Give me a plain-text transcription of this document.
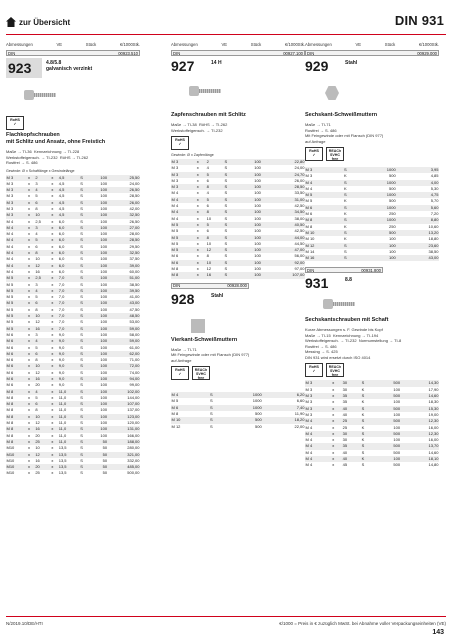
zur Übersicht	DIN 931
Abmessungen	VE	Stück	€/1000Stk.
DIN	00923.510
923	4.8/5.8
galvanisch verzinkt
RoHS
✓
Flachkopfschrauben
mit Schlitz und Ansatz, ohne Freistich
Maße → TI-36 Kennzeichnung → TI-228
Werkstoffeigensch. → TI-232 RöHS → TI-262
Rostfrei → S. 486
Gewinde: Ø x Schaftlänge x Gewindelänge
M 3	x	2	x	4,5	S	100	25,50
M 3	x	3	x	4,5	S	100	24,00
M 3	x	4	x	4,5	S	100	26,50
M 3	x	5	x	4,5	S	100	28,50
M 3	x	6	x	4,5	S	100	26,00
M 3	x	8	x	4,5	S	100	42,00
M 3	x	10	x	4,5	S	100	32,50
M 4	x	2,5	x	6,0	S	100	26,50
M 4	x	3	x	6,0	S	100	27,00
M 4	x	4	x	6,0	S	100	28,00
M 4	x	5	x	6,0	S	100	28,50
M 4	x	6	x	6,0	S	100	29,50
M 4	x	8	x	6,0	S	100	32,50
M 4	x	10	x	6,0	S	100	37,50
M 4	x	12	x	6,0	S	100	39,00
M 4	x	16	x	6,0	S	100	60,00
M 5	x	2,5	x	7,0	S	100	51,00
M 5	x	3	x	7,0	S	100	38,50
M 5	x	4	x	7,0	S	100	39,50
M 5	x	5	x	7,0	S	100	41,00
M 5	x	6	x	7,0	S	100	43,00
M 5	x	8	x	7,0	S	100	47,50
M 5	x	10	x	7,0	S	100	48,50
M 5	x	12	x	7,0	S	100	53,00
M 5	x	16	x	7,0	S	100	59,00
M 6	x	3	x	9,0	S	100	58,00
M 6	x	4	x	9,0	S	100	59,00
M 6	x	5	x	9,0	S	100	61,00
M 6	x	6	x	9,0	S	100	62,00
M 6	x	8	x	9,0	S	100	71,00
M 6	x	10	x	9,0	S	100	72,00
M 6	x	12	x	9,0	S	100	74,00
M 6	x	16	x	9,0	S	100	94,00
M 6	x	20	x	9,0	S	100	99,00
M 8	x	4	x	11,0	S	100	102,00
M 8	x	5	x	11,0	S	100	144,00
M 8	x	6	x	11,0	S	100	107,00
M 8	x	8	x	11,0	S	100	137,00
M 8	x	10	x	11,0	S	100	123,00
M 8	x	12	x	11,0	S	100	120,00
M 8	x	16	x	11,0	S	100	131,00
M 8	x	20	x	11,0	S	100	166,00
M 8	x	25	x	11,0	S	50	188,00
M10	x	10	x	13,5	S	50	280,00
M10	x	12	x	13,5	S	50	321,00
M10	x	16	x	13,5	S	50	332,00
M10	x	20	x	13,5	S	50	485,00
M10	x	25	x	13,5	S	50	500,00
Abmessungen	VE	Stück	€/1000Stk.
DIN	00927.100
927	14 H
Zapfenschrauben mit Schlitz
Maße → TI-38 RöHS → TI-262
Werkstoffeigensch. → TI-232
RoHS
✓
Gewinde: Ø x Zapfenlänge
M 3	x	2	S	100	22,80
M 3	x	4	S	100	24,00
M 3	x	5	S	100	24,70
M 3	x	6	S	100	26,00
M 3	x	8	S	100	28,50
M 4	x	4	S	100	33,50
M 4	x	5	S	100	31,00
M 4	x	6	S	100	42,50
M 4	x	8	S	100	34,50
M 4	x	10	S	100	38,00
M 5	x	5	S	100	40,50
M 5	x	6	S	100	42,50
M 5	x	8	S	100	44,00
M 5	x	10	S	100	44,50
M 5	x	12	S	100	47,00
M 6	x	8	S	100	56,00
M 6	x	10	S	100	92,00
M 8	x	12	S	100	97,00
M 8	x	16	S	100	107,00
DIN	00928.000
928	Stahl
Vierkant-Schweißmuttern
Maße → TI-71
Mit Feingewinde oder mit Flansch (DIN 977)
auf Anfrage
RoHS
✓
REACh SVHC free
M 4	S	1000	6,20
M 5	S	1000	6,60
M 6	S	1000	7,40
M 8	S	500	11,90
M 10	S	500	18,20
M 12	S	500	22,00
Abmessungen	VE	Stück	€/1000Stk.
DIN	00929.000
929	Stahl
Sechskant-Schweißmuttern
Maße → TI-71
Rostfrei → S. 486
Mit Feingewinde oder mit Flansch (DIN 977)
auf Anfrage
RoHS
✓
REACh SVHC free
M 3	S	1000	3,95
M 3	K	500	4,85
M 4	S	1000	4,00
M 4	K	500	5,30
M 5	S	1000	4,75
M 5	K	500	5,70
M 6	S	1000	5,60
M 6	K	250	7,20
M 8	S	1000	8,80
M 8	K	250	10,60
M 10	S	500	13,20
M 10	K	100	18,80
M 12	S	100	23,60
M 14	S	100	38,50
M 16	S	100	43,00
DIN	00931.800
931	8.8
Sechskantschrauben mit Schaft
Kurze Abmessungen s. F. Gewinde bis Kopf
Maße → TI-15 Kennzeichnung → TI-194
Werkstoffeigensch. → TI-232 Normumstellung → TI-8
Rostfrei → S. 486
Messing → S. 425
DIN 931 wird ersetzt durch ISO 4014
RoHS
✓
REACh SVHC free
M 3	x	30	S	500	14,30
M 3	x	30	K	100	17,90
M 3	x	35	S	500	14,60
M 3	x	35	K	100	18,30
M 3	x	40	S	500	15,30
M 3	x	40	K	100	19,00
M 4	x	25	S	500	12,30
M 4	x	25	K	100	16,00
M 4	x	30	S	500	12,30
M 4	x	30	K	100	16,00
M 4	x	35	S	500	13,70
M 4	x	40	S	500	14,60
M 4	x	40	K	100	18,10
M 4	x	45	S	500	14,80
N/2019.10/DE/HTI	€/1000 = Preis in € zuzüglich MwSt. bei Abnahme voller Verpackungseinheiten (VE)
143
